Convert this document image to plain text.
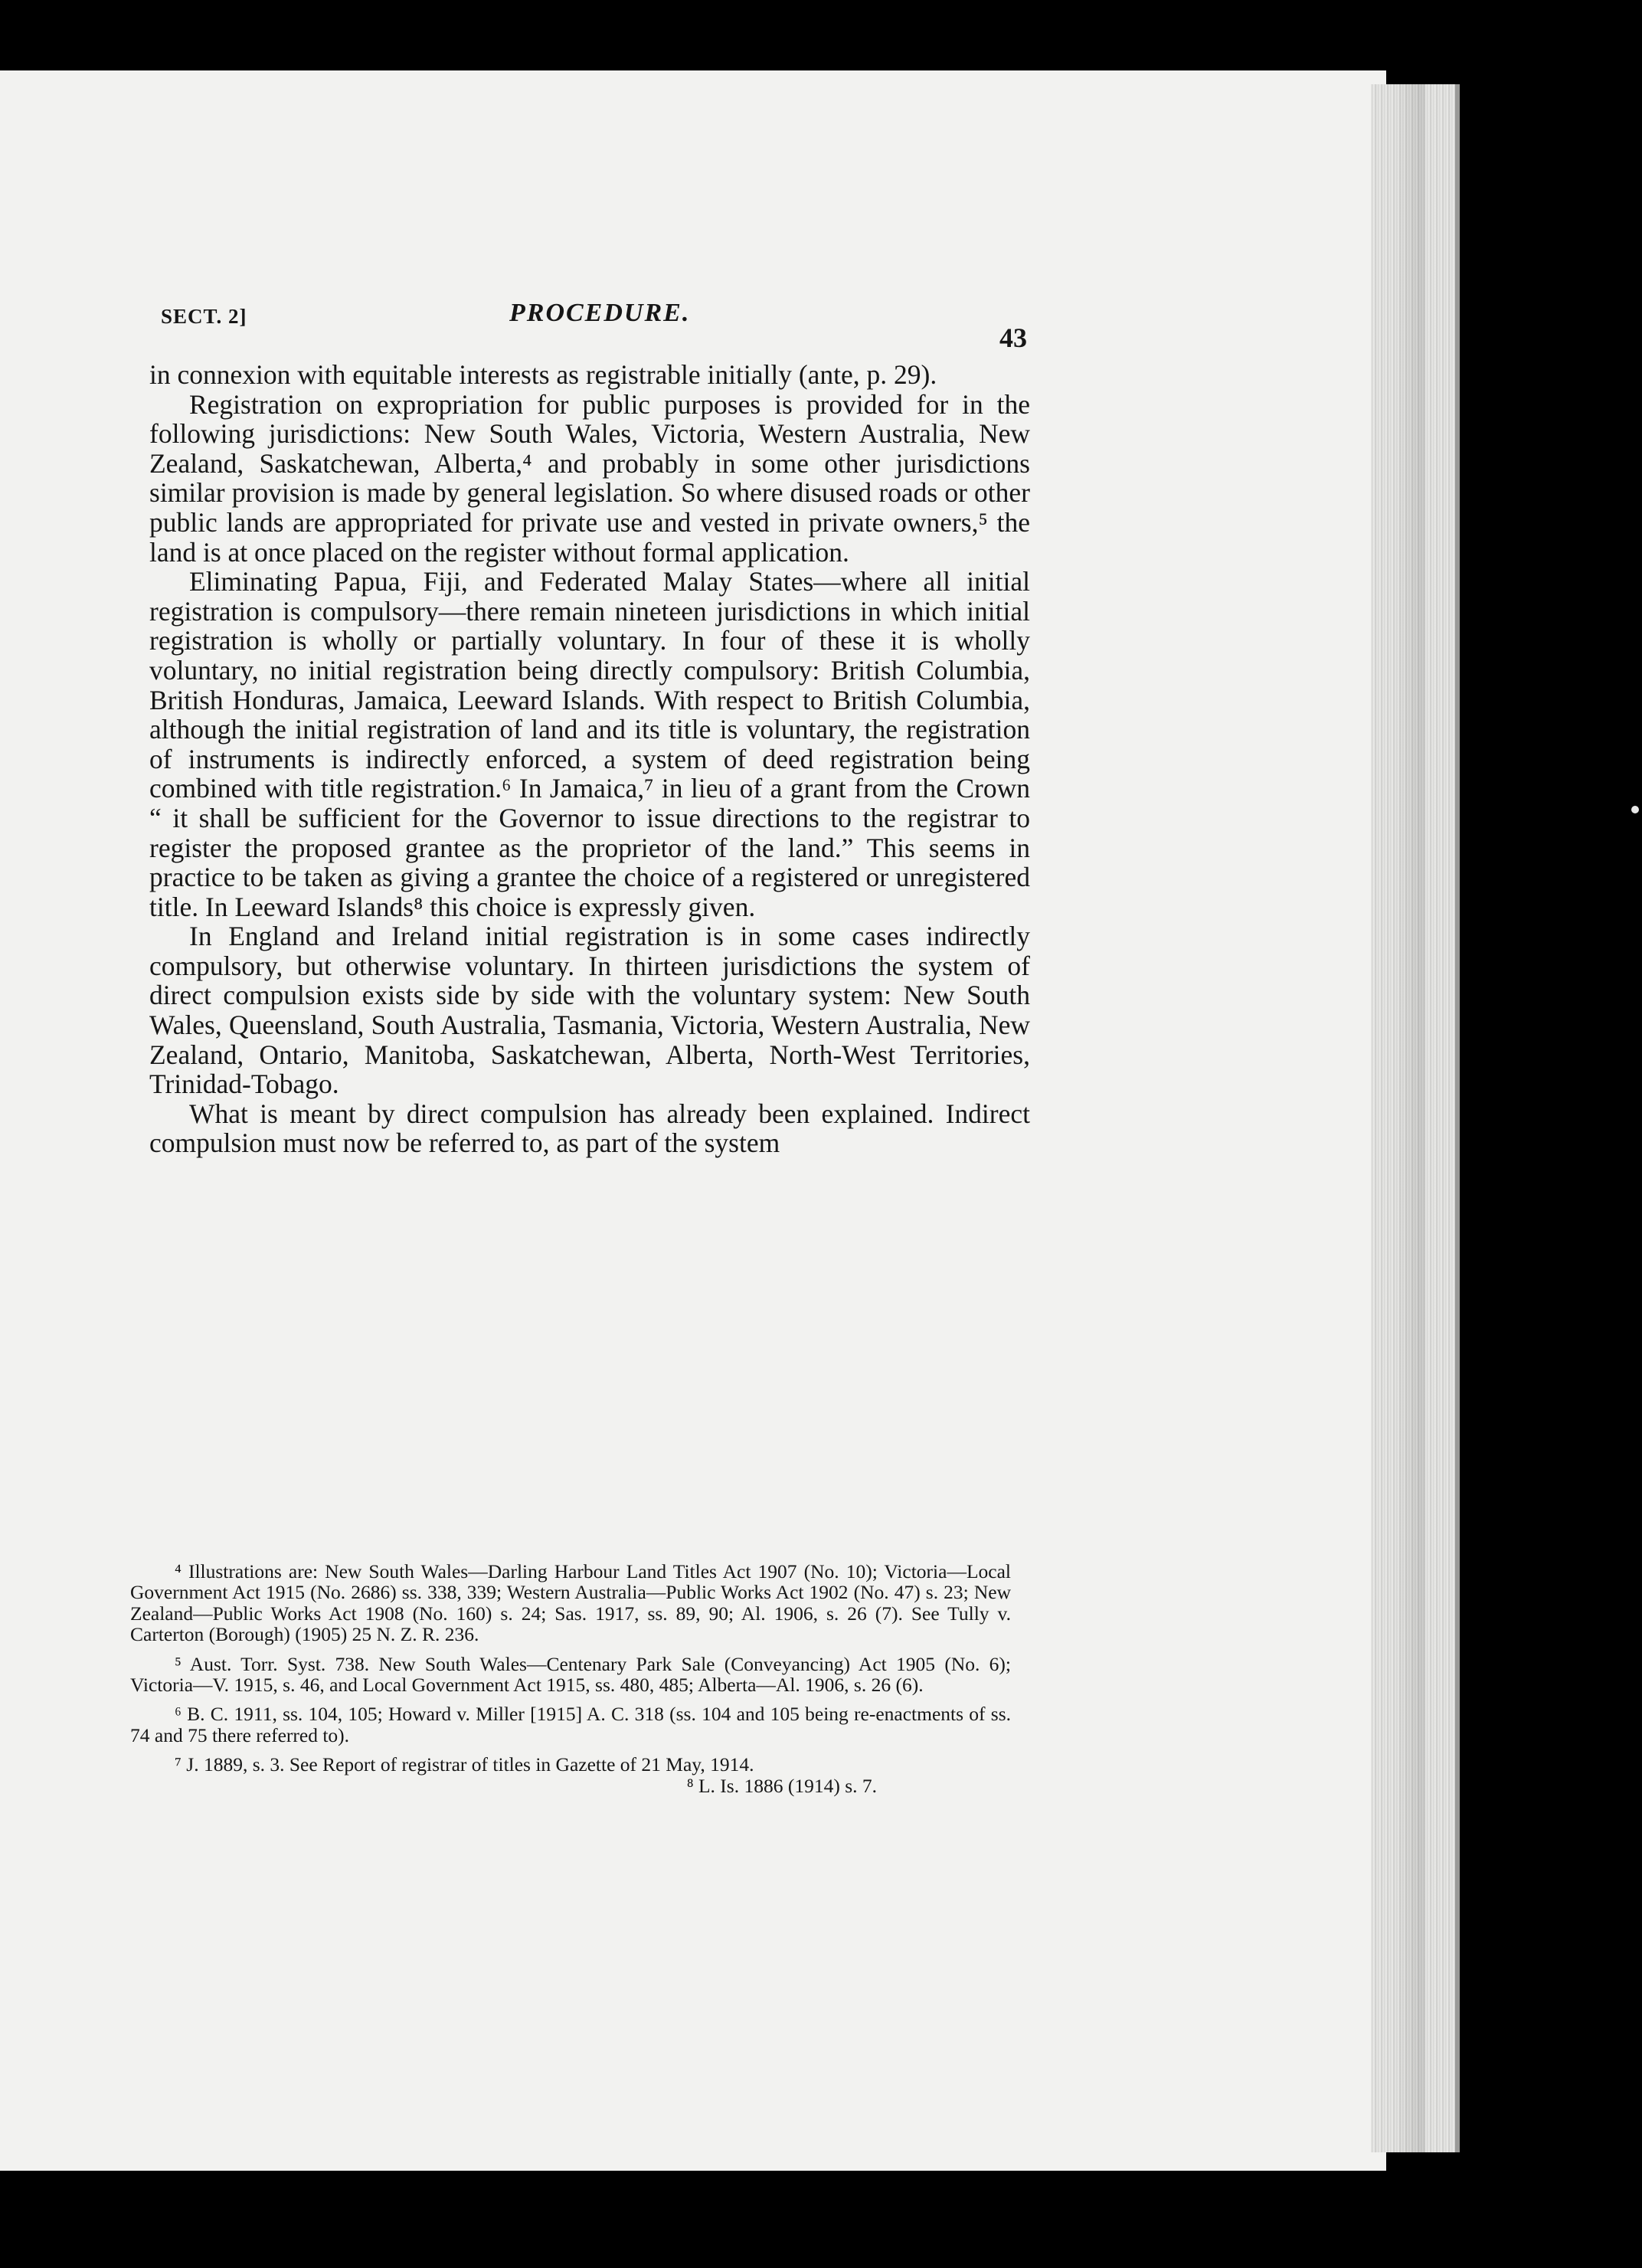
SECT. 2]	PROCEDURE.
43

in connexion with equitable interests as registrable initially (ante, p. 29).

Registration on expropriation for public purposes is provided for in the following jurisdictions: New South Wales, Victoria, Western Australia, New Zealand, Saskatchewan, Alberta,⁴ and probably in some other jurisdictions similar provision is made by general legislation. So where disused roads or other public lands are appropriated for private use and vested in private owners,⁵ the land is at once placed on the register without formal application.

Eliminating Papua, Fiji, and Federated Malay States—where all initial registration is compulsory—there remain nineteen jurisdictions in which initial registration is wholly or partially voluntary. In four of these it is wholly voluntary, no initial registration being directly compulsory: British Columbia, British Honduras, Jamaica, Leeward Islands. With respect to British Columbia, although the initial registration of land and its title is voluntary, the registration of instruments is indirectly enforced, a system of deed registration being combined with title registration.⁶ In Jamaica,⁷ in lieu of a grant from the Crown “ it shall be sufficient for the Governor to issue directions to the registrar to register the proposed grantee as the proprietor of the land.” This seems in practice to be taken as giving a grantee the choice of a registered or unregistered title. In Leeward Islands⁸ this choice is expressly given.

In England and Ireland initial registration is in some cases indirectly compulsory, but otherwise voluntary. In thirteen jurisdictions the system of direct compulsion exists side by side with the voluntary system: New South Wales, Queensland, South Australia, Tasmania, Victoria, Western Australia, New Zealand, Ontario, Manitoba, Saskatchewan, Alberta, North-West Territories, Trinidad-Tobago.

What is meant by direct compulsion has already been explained. Indirect compulsion must now be referred to, as part of the system

⁴ Illustrations are: New South Wales—Darling Harbour Land Titles Act 1907 (No. 10); Victoria—Local Government Act 1915 (No. 2686) ss. 338, 339; Western Australia—Public Works Act 1902 (No. 47) s. 23; New Zealand—Public Works Act 1908 (No. 160) s. 24; Sas. 1917, ss. 89, 90; Al. 1906, s. 26 (7). See Tully v. Carterton (Borough) (1905) 25 N. Z. R. 236.

⁵ Aust. Torr. Syst. 738. New South Wales—Centenary Park Sale (Conveyancing) Act 1905 (No. 6); Victoria—V. 1915, s. 46, and Local Government Act 1915, ss. 480, 485; Alberta—Al. 1906, s. 26 (6).

⁶ B. C. 1911, ss. 104, 105; Howard v. Miller [1915] A. C. 318 (ss. 104 and 105 being re-enactments of ss. 74 and 75 there referred to).

⁷ J. 1889, s. 3. See Report of registrar of titles in Gazette of 21 May, 1914.

⁸ L. Is. 1886 (1914) s. 7.
